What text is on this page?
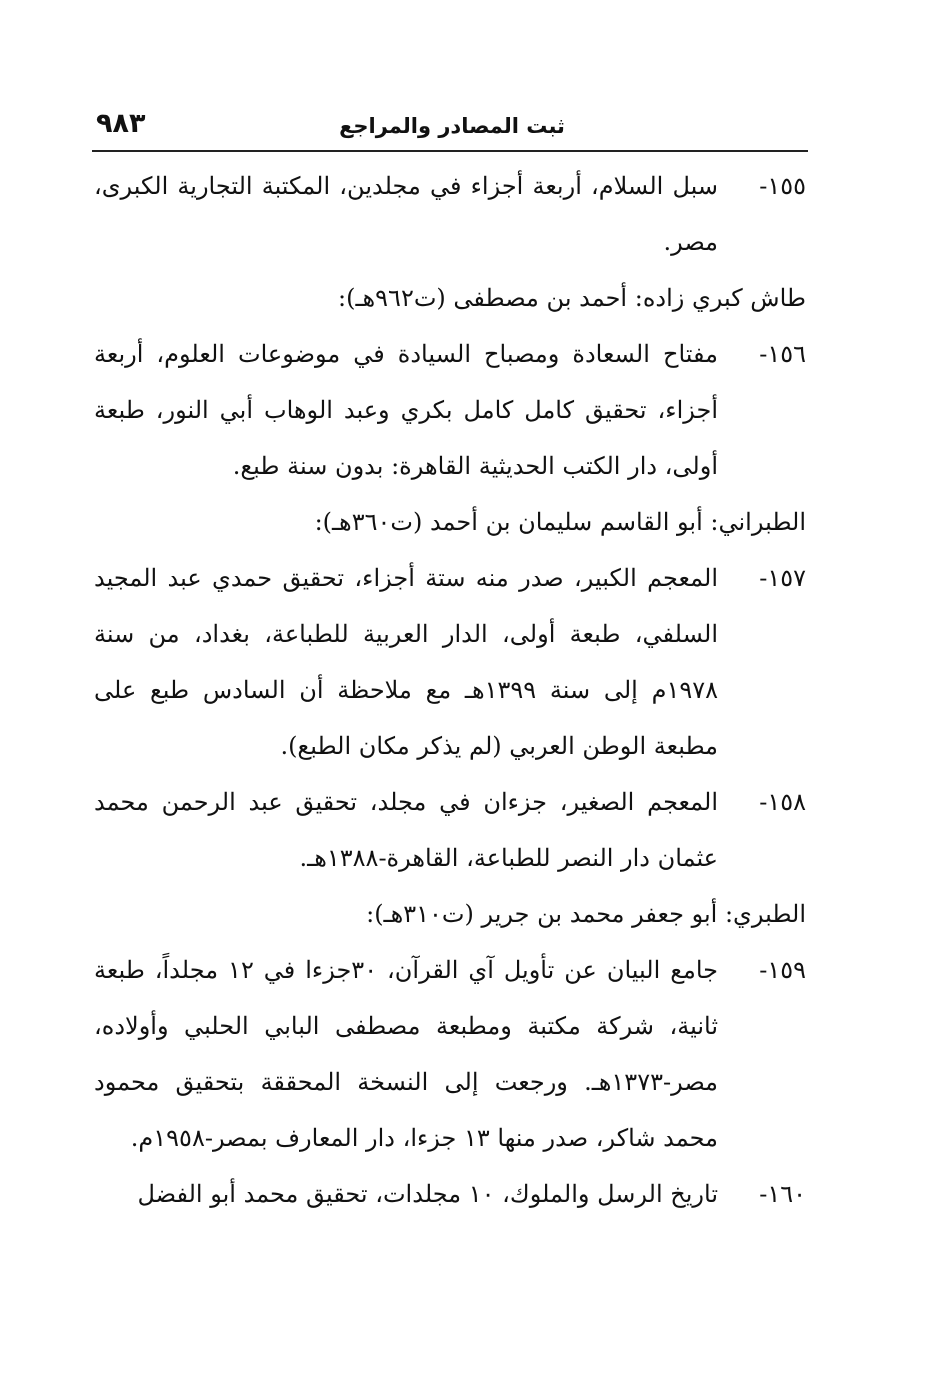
ثبت المصادر والمراجع
٩٨٣
١٥٥-
سبل السلام، أربعة أجزاء في مجلدين، المكتبة التجارية الكبرى، مصر.
طاش كبري زاده: أحمد بن مصطفى (ت٩٦٢هـ):
١٥٦-
مفتاح السعادة ومصباح السيادة في موضوعات العلوم، أربعة أجزاء، تحقيق كامل كامل بكري وعبد الوهاب أبي النور، طبعة أولى، دار الكتب الحديثية القاهرة: بدون سنة طبع.
الطبراني: أبو القاسم سليمان بن أحمد (ت٣٦٠هـ):
١٥٧-
المعجم الكبير، صدر منه ستة أجزاء، تحقيق حمدي عبد المجيد السلفي، طبعة أولى، الدار العربية للطباعة، بغداد، من سنة ١٩٧٨م إلى سنة ١٣٩٩هـ مع ملاحظة أن السادس طبع على مطبعة الوطن العربي (لم يذكر مكان الطبع).
١٥٨-
المعجم الصغير، جزءان في مجلد، تحقيق عبد الرحمن محمد عثمان دار النصر للطباعة، القاهرة-١٣٨٨هـ.
الطبري: أبو جعفر محمد بن جرير (ت٣١٠هـ):
١٥٩-
جامع البيان عن تأويل آي القرآن، ٣٠جزءا في ١٢ مجلداً، طبعة ثانية، شركة مكتبة ومطبعة مصطفى البابي الحلبي وأولاده، مصر-١٣٧٣هـ. ورجعت إلى النسخة المحققة بتحقيق محمود محمد شاكر، صدر منها ١٣ جزءا، دار المعارف بمصر-١٩٥٨م.
١٦٠-
تاريخ الرسل والملوك، ١٠ مجلدات، تحقيق محمد أبو الفضل
